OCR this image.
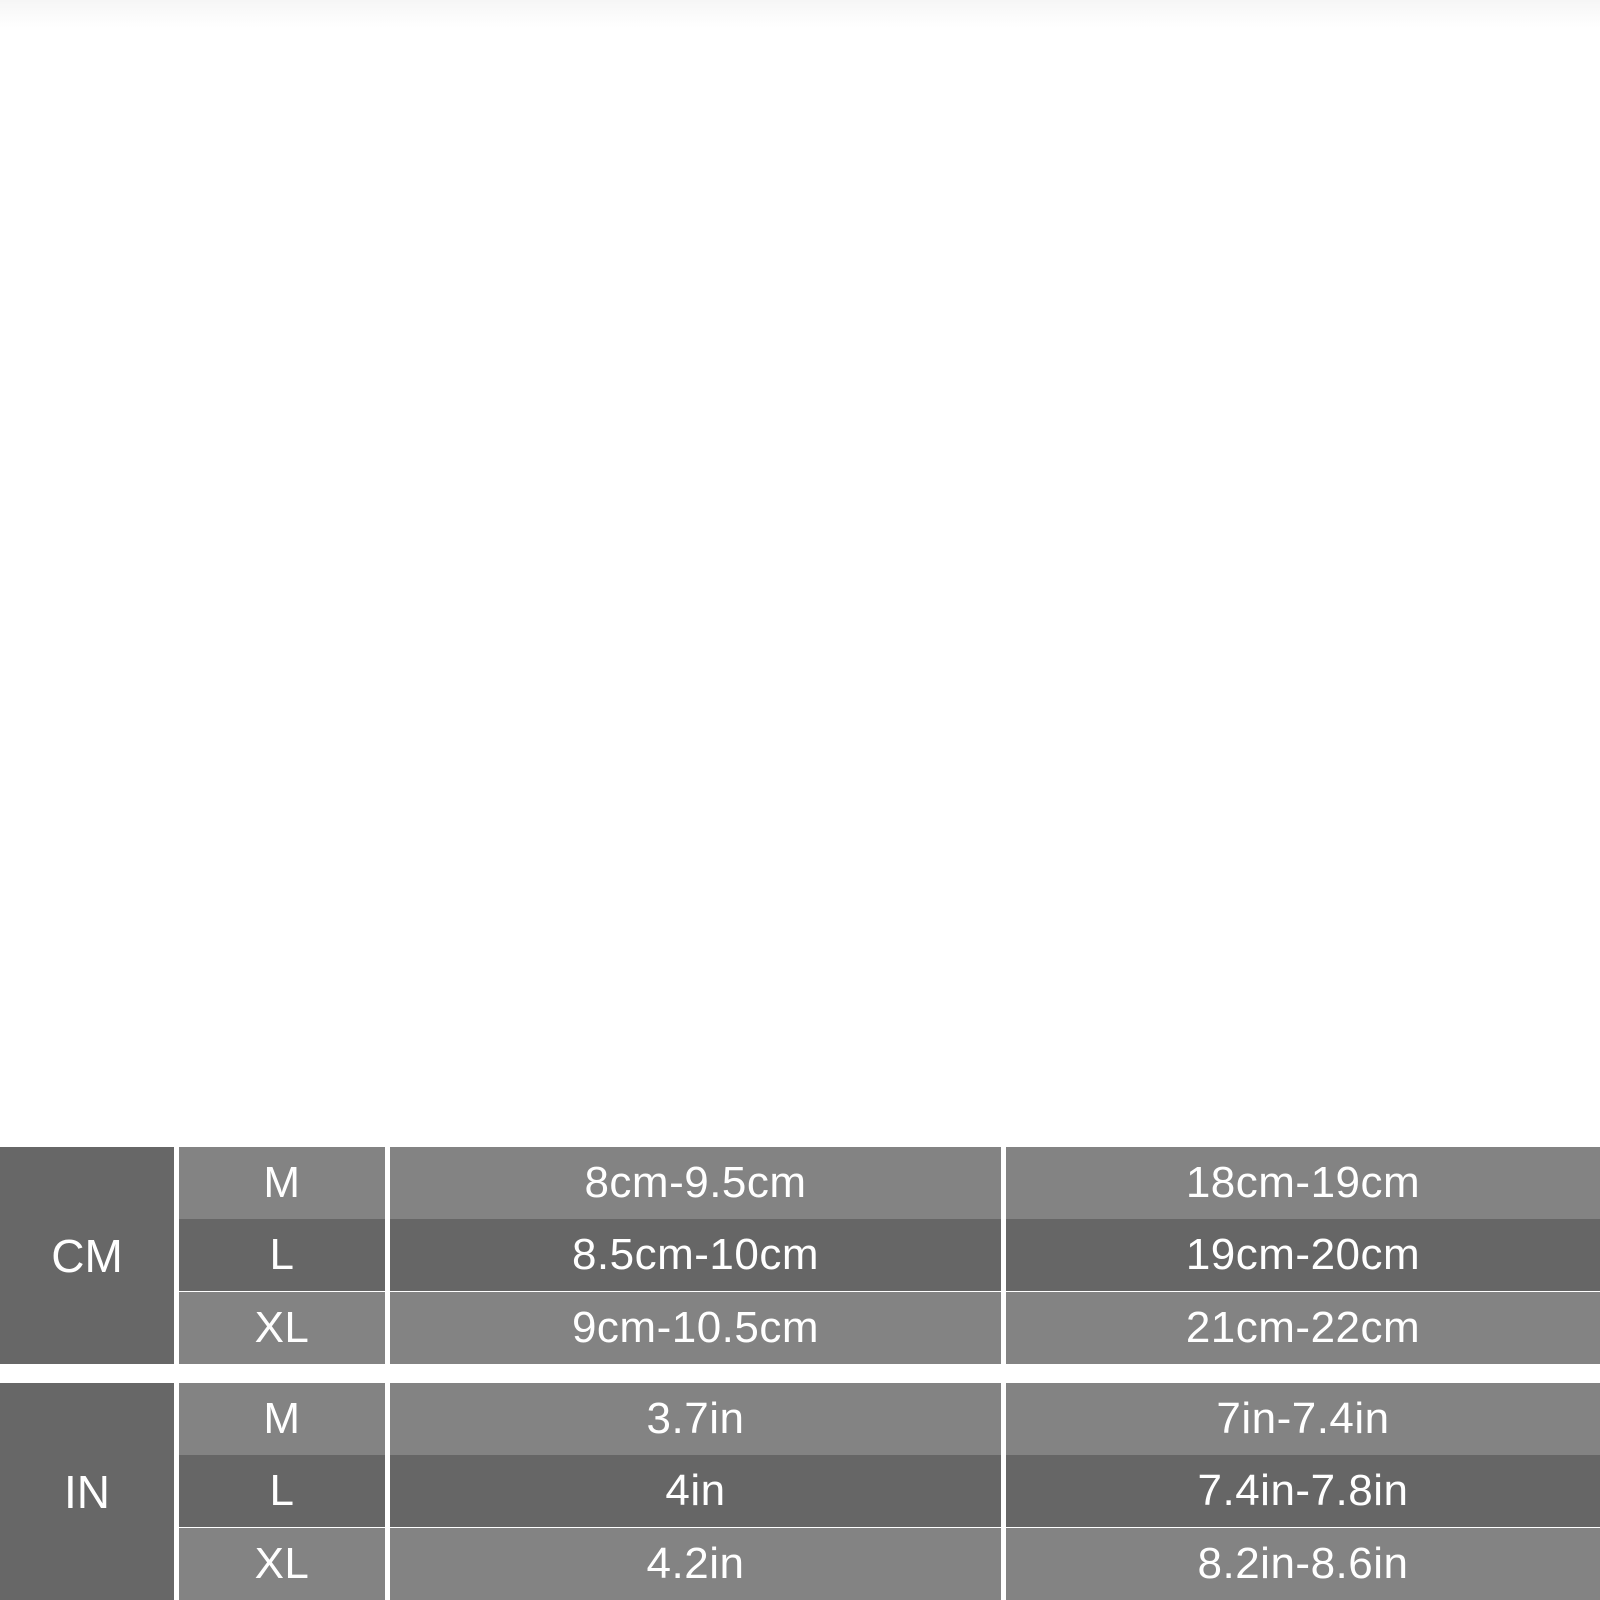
CM
M	8cm-9.5cm	18cm-19cm
L	8.5cm-10cm	19cm-20cm
XL	9cm-10.5cm	21cm-22cm
IN
M	3.7in	7in-7.4in
L	4in	7.4in-7.8in
XL	4.2in	8.2in-8.6in
